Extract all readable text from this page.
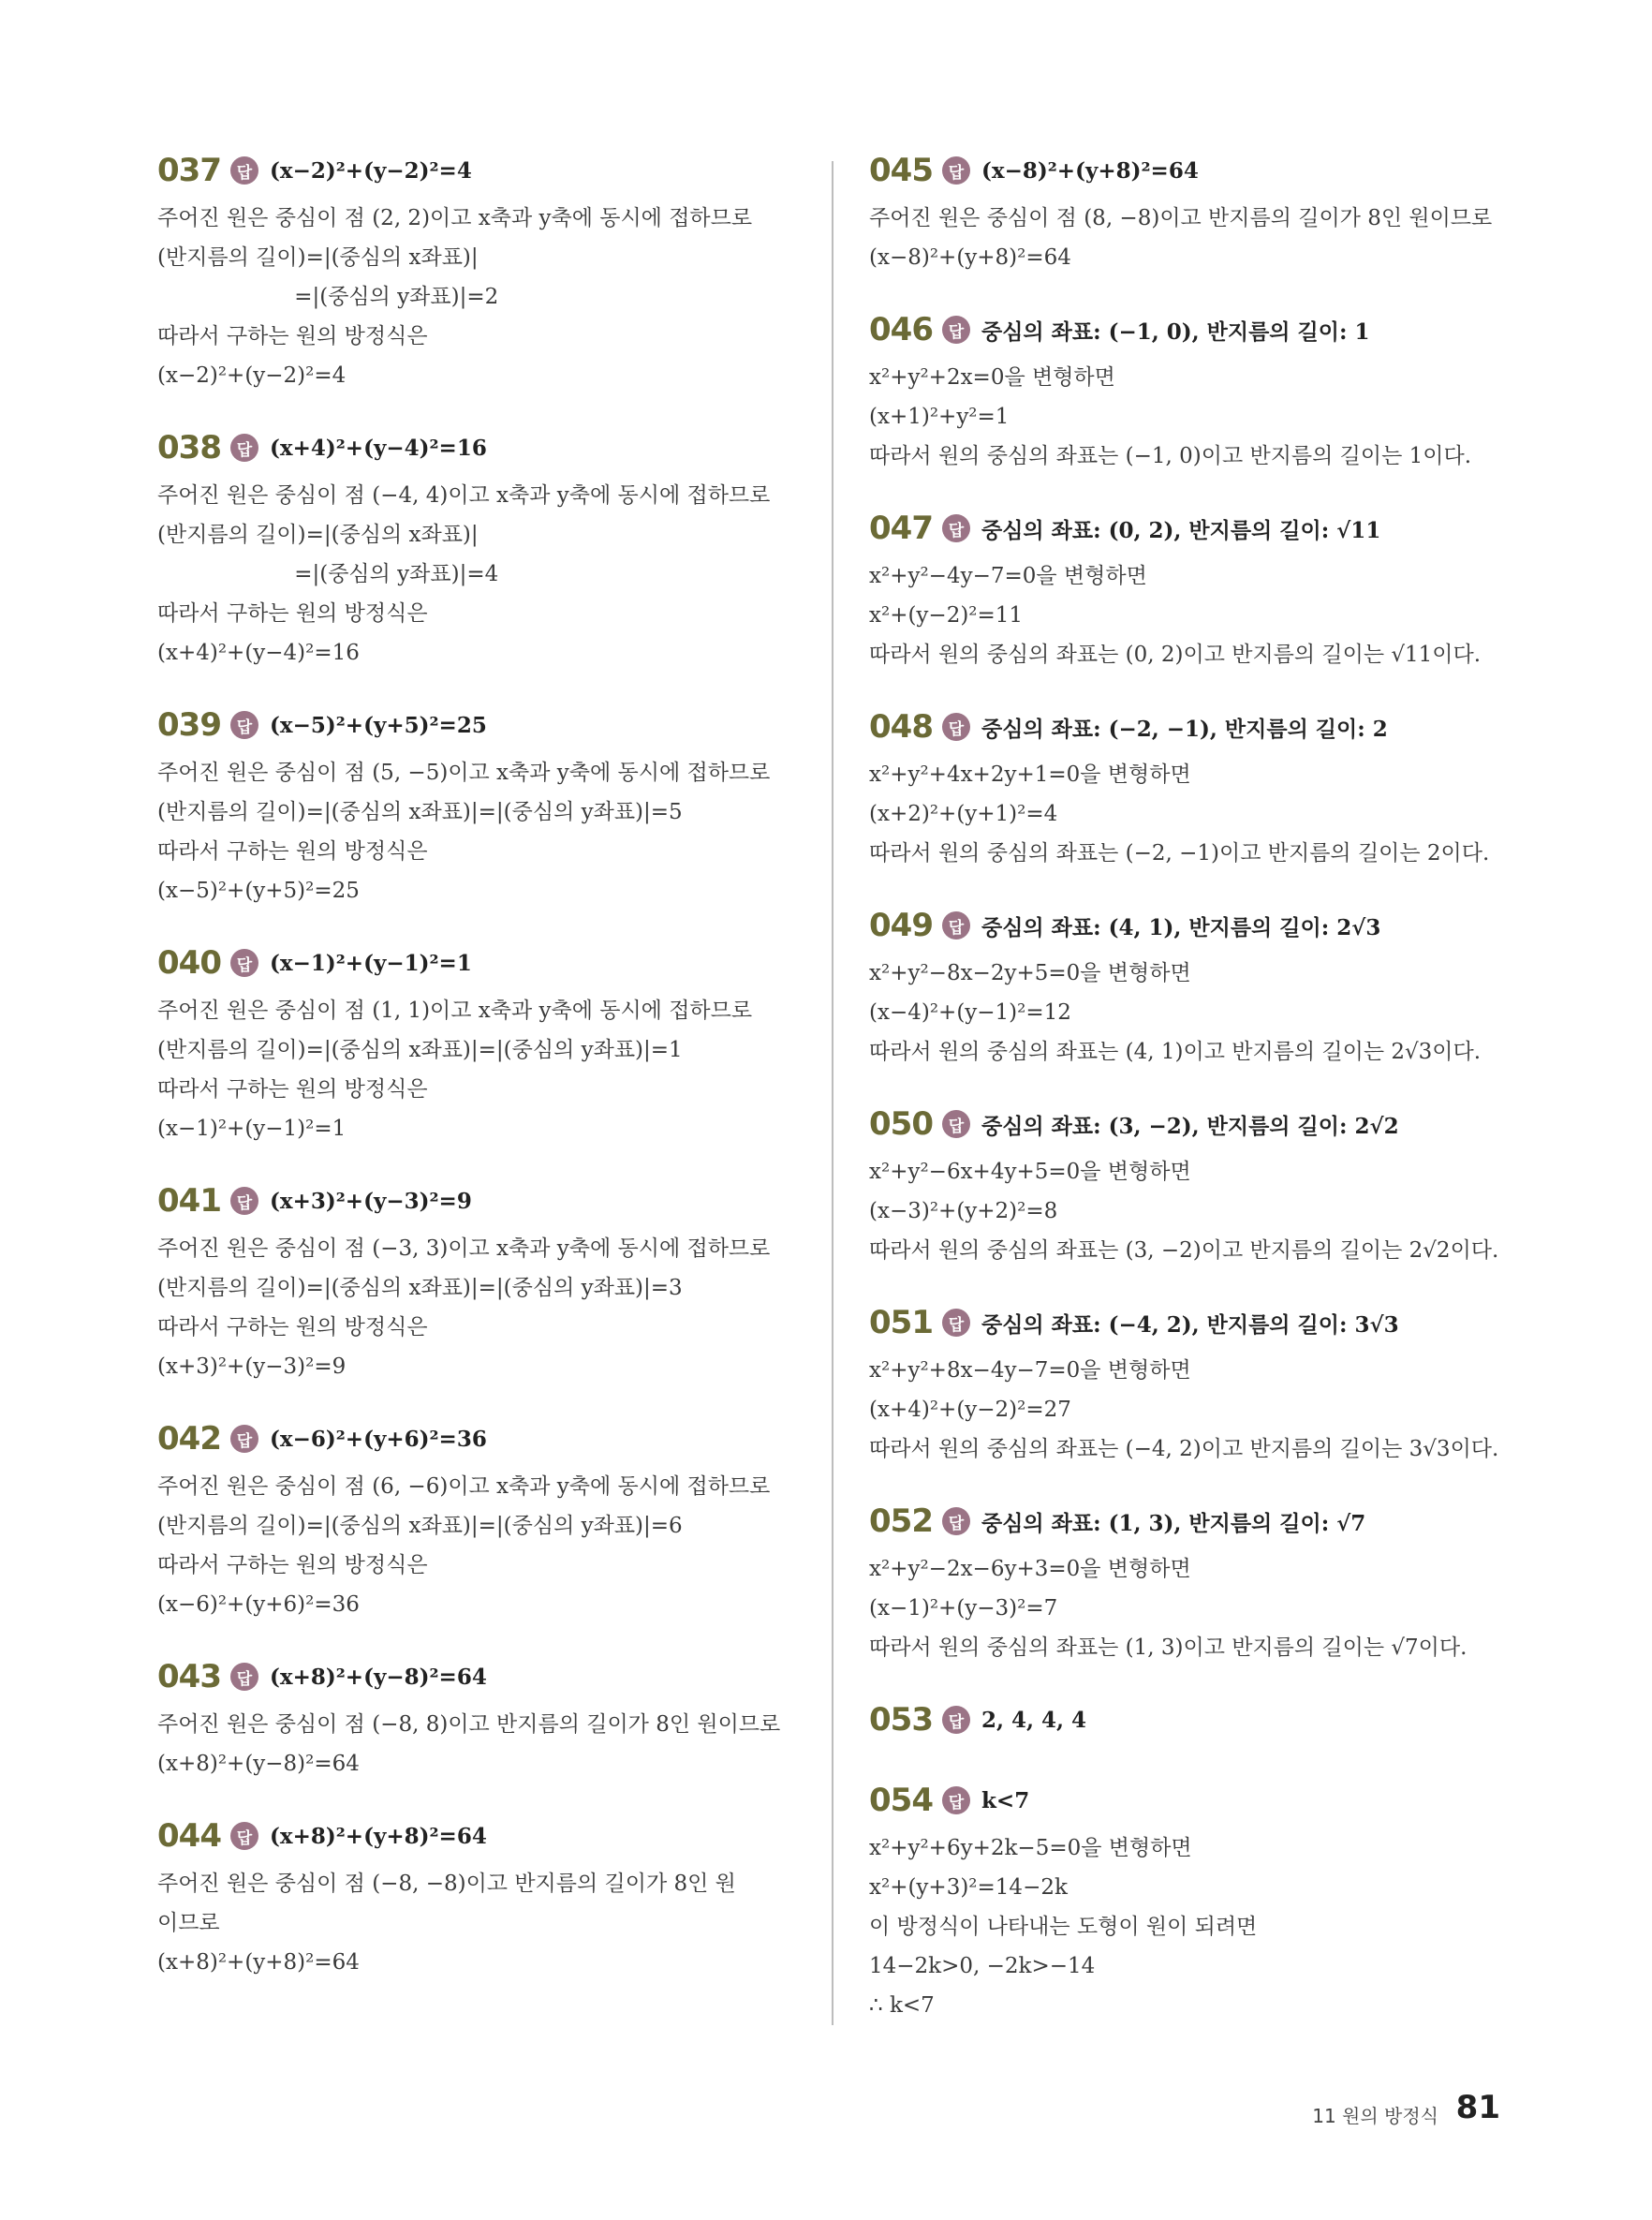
037 답 (x−2)²+(y−2)²=4
주어진 원은 중심이 점 (2, 2)이고 x축과 y축에 동시에 접하므로
(반지름의 길이)=|(중심의 x좌표)|
=|(중심의 y좌표)|=2
따라서 구하는 원의 방정식은
(x−2)²+(y−2)²=4
038 답 (x+4)²+(y−4)²=16
주어진 원은 중심이 점 (−4, 4)이고 x축과 y축에 동시에 접하므로
(반지름의 길이)=|(중심의 x좌표)|
=|(중심의 y좌표)|=4
따라서 구하는 원의 방정식은
(x+4)²+(y−4)²=16
039 답 (x−5)²+(y+5)²=25
주어진 원은 중심이 점 (5, −5)이고 x축과 y축에 동시에 접하므로
(반지름의 길이)=|(중심의 x좌표)|=|(중심의 y좌표)|=5
따라서 구하는 원의 방정식은
(x−5)²+(y+5)²=25
040 답 (x−1)²+(y−1)²=1
주어진 원은 중심이 점 (1, 1)이고 x축과 y축에 동시에 접하므로
(반지름의 길이)=|(중심의 x좌표)|=|(중심의 y좌표)|=1
따라서 구하는 원의 방정식은
(x−1)²+(y−1)²=1
041 답 (x+3)²+(y−3)²=9
주어진 원은 중심이 점 (−3, 3)이고 x축과 y축에 동시에 접하므로
(반지름의 길이)=|(중심의 x좌표)|=|(중심의 y좌표)|=3
따라서 구하는 원의 방정식은
(x+3)²+(y−3)²=9
042 답 (x−6)²+(y+6)²=36
주어진 원은 중심이 점 (6, −6)이고 x축과 y축에 동시에 접하므로
(반지름의 길이)=|(중심의 x좌표)|=|(중심의 y좌표)|=6
따라서 구하는 원의 방정식은
(x−6)²+(y+6)²=36
043 답 (x+8)²+(y−8)²=64
주어진 원은 중심이 점 (−8, 8)이고 반지름의 길이가 8인 원이므로
(x+8)²+(y−8)²=64
044 답 (x+8)²+(y+8)²=64
주어진 원은 중심이 점 (−8, −8)이고 반지름의 길이가 8인 원
이므로
(x+8)²+(y+8)²=64
045 답 (x−8)²+(y+8)²=64
주어진 원은 중심이 점 (8, −8)이고 반지름의 길이가 8인 원이므로
(x−8)²+(y+8)²=64
046 답 중심의 좌표: (−1, 0), 반지름의 길이: 1
x²+y²+2x=0을 변형하면
(x+1)²+y²=1
따라서 원의 중심의 좌표는 (−1, 0)이고 반지름의 길이는 1이다.
047 답 중심의 좌표: (0, 2), 반지름의 길이: √11
x²+y²−4y−7=0을 변형하면
x²+(y−2)²=11
따라서 원의 중심의 좌표는 (0, 2)이고 반지름의 길이는 √11이다.
048 답 중심의 좌표: (−2, −1), 반지름의 길이: 2
x²+y²+4x+2y+1=0을 변형하면
(x+2)²+(y+1)²=4
따라서 원의 중심의 좌표는 (−2, −1)이고 반지름의 길이는 2이다.
049 답 중심의 좌표: (4, 1), 반지름의 길이: 2√3
x²+y²−8x−2y+5=0을 변형하면
(x−4)²+(y−1)²=12
따라서 원의 중심의 좌표는 (4, 1)이고 반지름의 길이는 2√3이다.
050 답 중심의 좌표: (3, −2), 반지름의 길이: 2√2
x²+y²−6x+4y+5=0을 변형하면
(x−3)²+(y+2)²=8
따라서 원의 중심의 좌표는 (3, −2)이고 반지름의 길이는 2√2이다.
051 답 중심의 좌표: (−4, 2), 반지름의 길이: 3√3
x²+y²+8x−4y−7=0을 변형하면
(x+4)²+(y−2)²=27
따라서 원의 중심의 좌표는 (−4, 2)이고 반지름의 길이는 3√3이다.
052 답 중심의 좌표: (1, 3), 반지름의 길이: √7
x²+y²−2x−6y+3=0을 변형하면
(x−1)²+(y−3)²=7
따라서 원의 중심의 좌표는 (1, 3)이고 반지름의 길이는 √7이다.
053 답 2, 4, 4, 4
054 답 k<7
x²+y²+6y+2k−5=0을 변형하면
x²+(y+3)²=14−2k
이 방정식이 나타내는 도형이 원이 되려면
14−2k>0, −2k>−14
∴ k<7
11 원의 방정식 81
